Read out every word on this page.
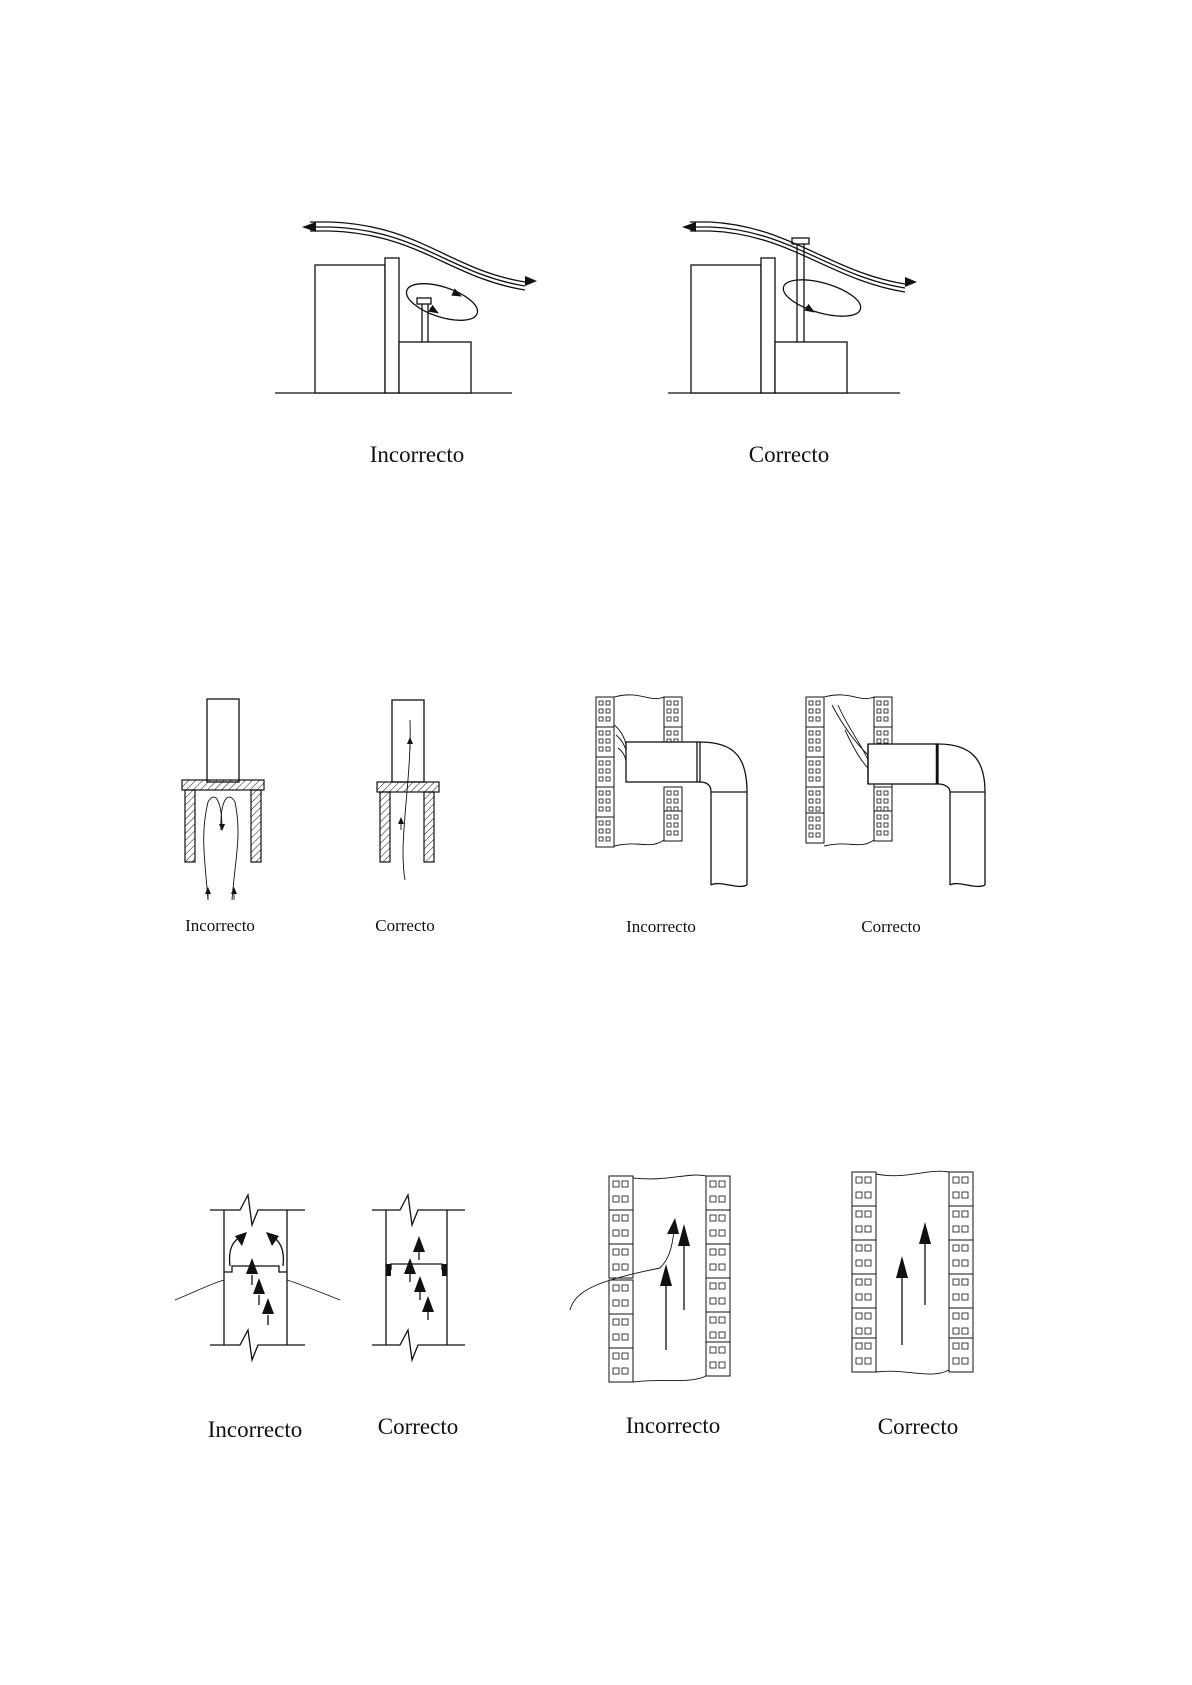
Incorrecto	Correcto
Incorrecto	Correcto	Incorrecto	Correcto
Incorrecto	Correcto	Incorrecto	Correcto
